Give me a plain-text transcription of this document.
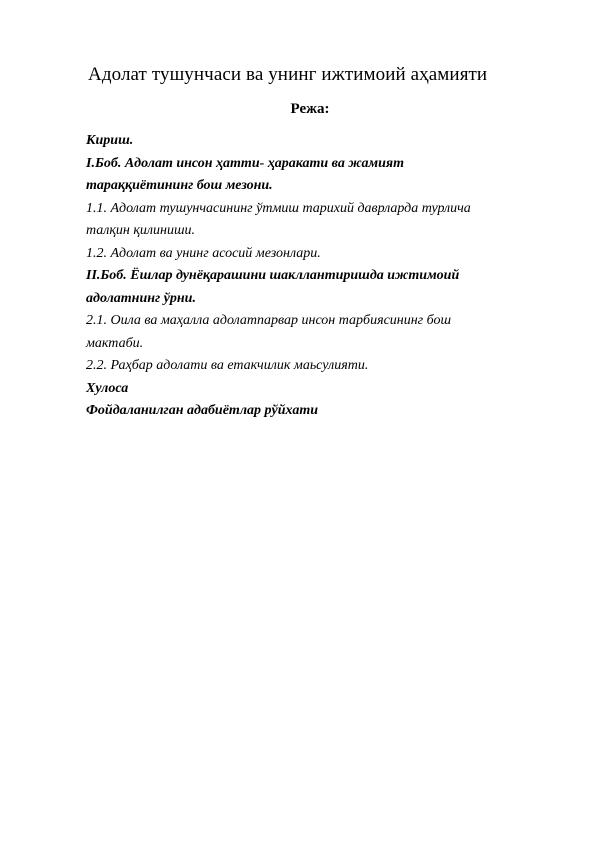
Адолат тушунчаси ва унинг ижтимоий аҳамияти
Режа:
Кириш.
I.Боб. Адолат инсон ҳатти- ҳаракати ва жамият
тараққиётининг бош мезони.
1.1. Адолат тушунчасининг ўтмиш тарихий даврларда турлича
талқин қилиниши.
1.2. Адолат ва унинг асосий мезонлари.
II.Боб. Ёшлар дунёқарашини шакллантиришда ижтимоий
адолатнинг ўрни.
2.1. Оила ва маҳалла адолатпарвар инсон тарбиясининг бош
мактаби.
2.2. Раҳбар адолати ва етакчилик маьсулияти.
Хулоса
Фойдаланилган адабиётлар рўйхати
